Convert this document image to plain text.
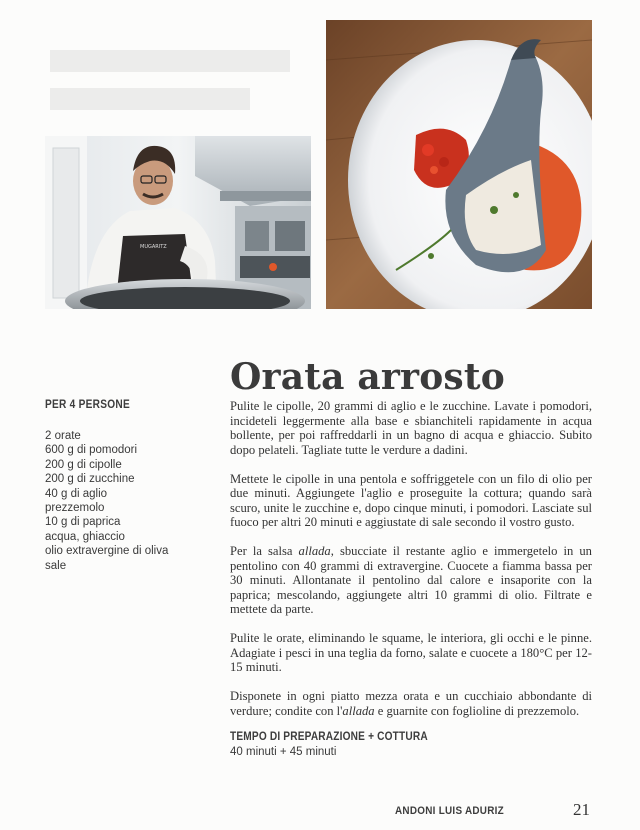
MUGARITZ
Orata arrosto
PER 4 PERSONE
2 orate
600 g di pomodori
200 g di cipolle
200 g di zucchine
40 g di aglio
prezzemolo
10 g di paprica
acqua, ghiaccio
olio extravergine di oliva
sale

Pulite le cipolle, 20 grammi di aglio e le zucchine. Lavate i pomodori, incideteli leggermente alla base e sbianchiteli rapidamente in acqua bollente, per poi raffreddarli in un bagno di acqua e ghiaccio. Subito dopo pelateli. Tagliate tutte le verdure a dadini.

Mettete le cipolle in una pentola e soffriggetele con un filo di olio per due minuti. Aggiungete l'aglio e proseguite la cottura; quando sarà scuro, unite le zucchine e, dopo cinque minuti, i pomodori. Lasciate sul fuoco per altri 20 minuti e aggiustate di sale secondo il vostro gusto.

Per la salsa allada, sbucciate il restante aglio e immergetelo in un pentolino con 40 grammi di extravergine. Cuocete a fiamma bassa per 30 minuti. Allontanate il pentolino dal calore e insaporite con la paprica; mescolando, aggiungete altri 10 grammi di olio. Filtrate e mettete da parte.

Pulite le orate, eliminando le squame, le interiora, gli occhi e le pinne. Adagiate i pesci in una teglia da forno, salate e cuocete a 180°C per 12-15 minuti.

Disponete in ogni piatto mezza orata e un cucchiaio abbondante di verdure; condite con l'allada e guarnite con foglioline di prezzemolo.

TEMPO DI PREPARAZIONE + COTTURA
40 minuti + 45 minuti
ANDONI LUIS ADURIZ	21
